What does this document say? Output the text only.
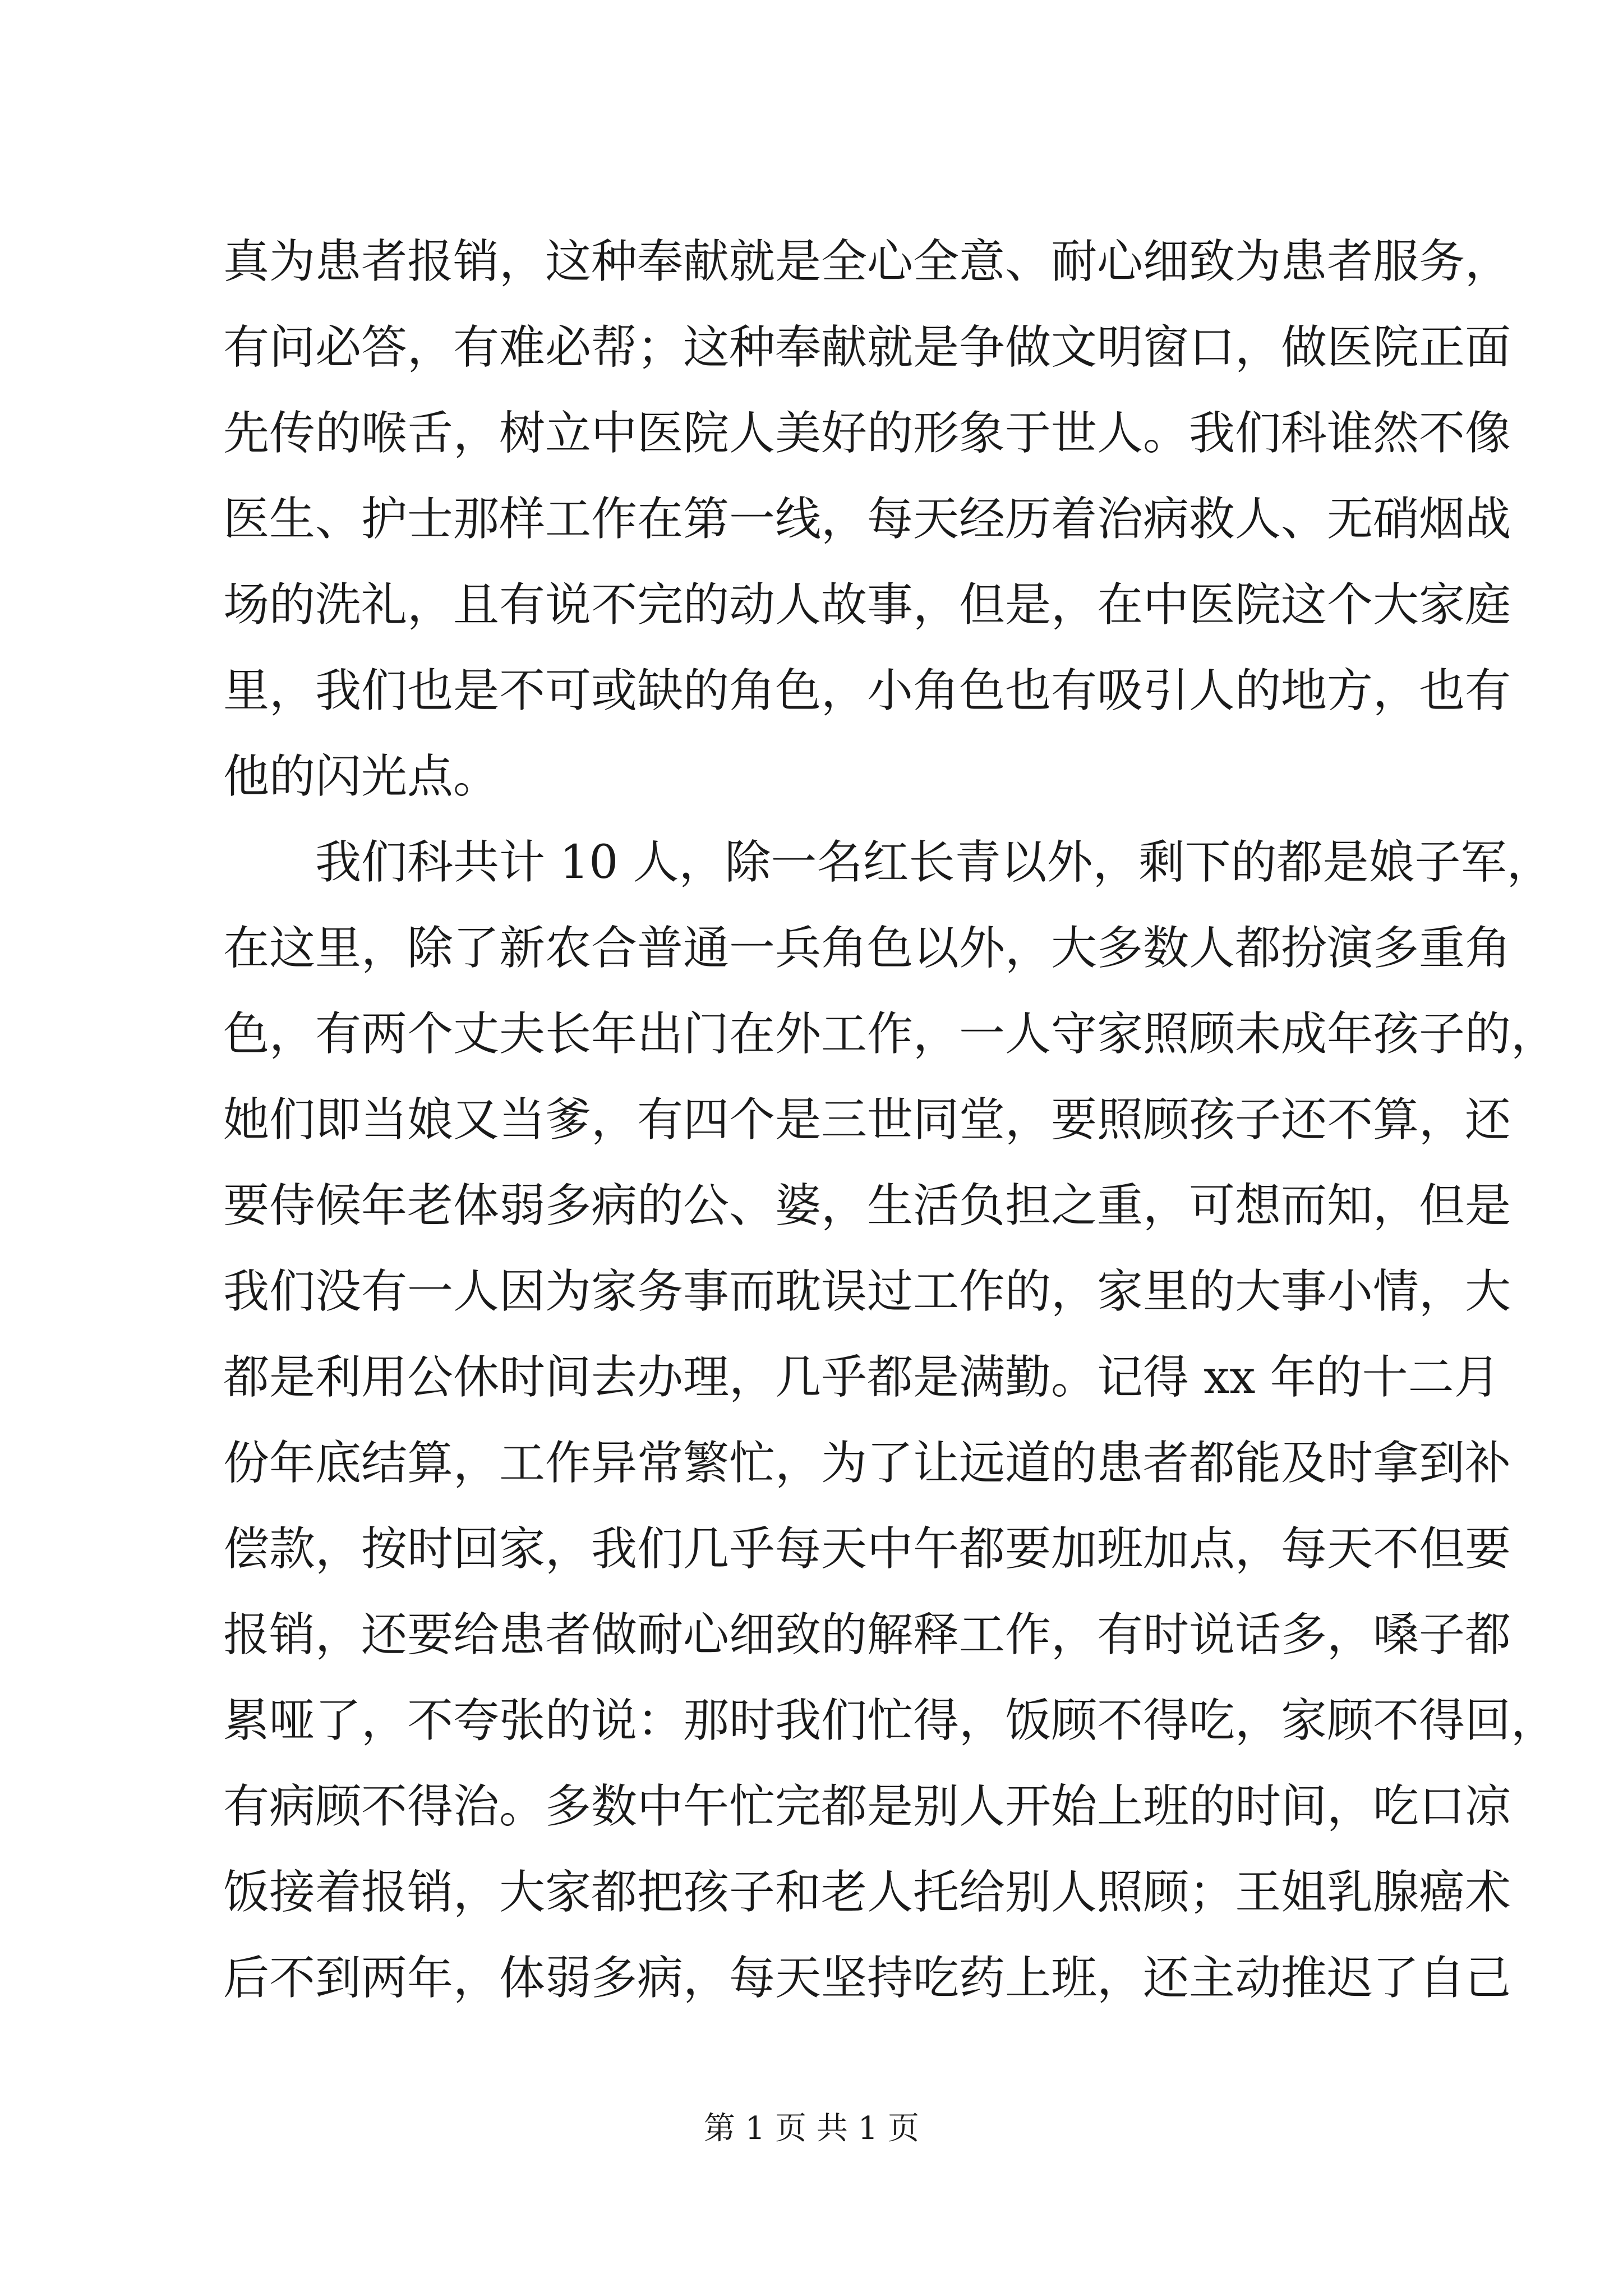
真为患者报销，这种奉献就是全心全意、耐心细致为患者服务，
有问必答，有难必帮；这种奉献就是争做文明窗口，做医院正面
先传的喉舌，树立中医院人美好的形象于世人。我们科谁然不像
医生、护士那样工作在第一线，每天经历着治病救人、无硝烟战
场的洗礼，且有说不完的动人故事，但是，在中医院这个大家庭
里，我们也是不可或缺的角色，小角色也有吸引人的地方，也有
他的闪光点。
我们科共计 10 人，除一名红长青以外，剩下的都是娘子军，
在这里，除了新农合普通一兵角色以外，大多数人都扮演多重角
色，有两个丈夫长年出门在外工作，一人守家照顾未成年孩子的，
她们即当娘又当爹，有四个是三世同堂，要照顾孩子还不算，还
要侍候年老体弱多病的公、婆，生活负担之重，可想而知，但是
我们没有一人因为家务事而耽误过工作的，家里的大事小情，大
都是利用公休时间去办理，几乎都是满勤。记得 xx 年的十二月
份年底结算，工作异常繁忙，为了让远道的患者都能及时拿到补
偿款，按时回家，我们几乎每天中午都要加班加点，每天不但要
报销，还要给患者做耐心细致的解释工作，有时说话多，嗓子都
累哑了，不夸张的说：那时我们忙得，饭顾不得吃，家顾不得回，
有病顾不得治。多数中午忙完都是别人开始上班的时间，吃口凉
饭接着报销，大家都把孩子和老人托给别人照顾；王姐乳腺癌术
后不到两年，体弱多病，每天坚持吃药上班，还主动推迟了自己
第 1 页 共 1 页
